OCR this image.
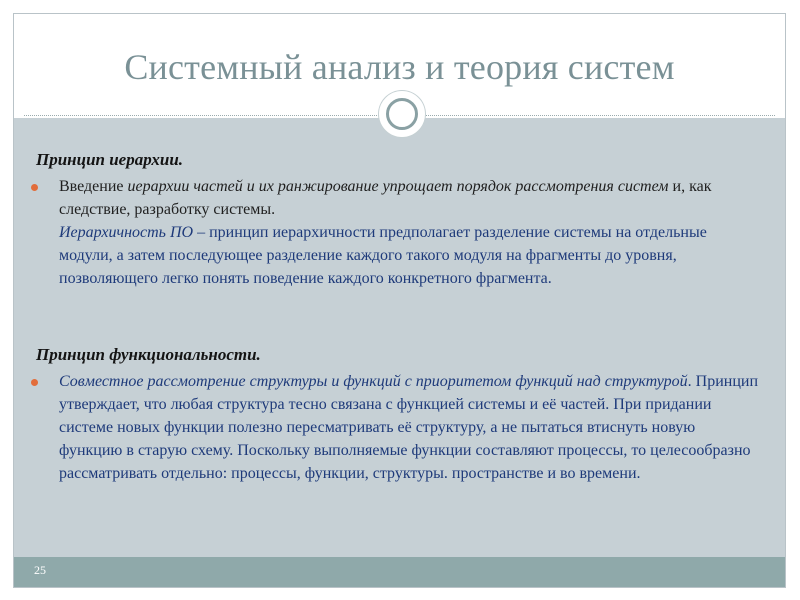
Системный анализ и теория систем
Принцип иерархии.

Введение иерархии частей и их ранжирование упрощает порядок рассмотрения систем и, как следствие, разработку системы.
Иерархичность ПО – принцип иерархичности предполагает разделение системы на отдельные модули, а затем последующее разделение каждого такого модуля на фрагменты до уровня, позволяющего легко понять поведение каждого конкретного фрагмента.

Принцип функциональности.

Совместное рассмотрение структуры и функций с приоритетом функций над структурой. Принцип утверждает, что любая структура тесно связана с функцией системы и её частей. При придании системе новых функции полезно пересматривать её структуру, а не пытаться втиснуть новую функцию в старую схему. Поскольку выполняемые функции составляют процессы, то целесообразно рассматривать отдельно: процессы, функции, структуры. пространстве и во времени.

25
